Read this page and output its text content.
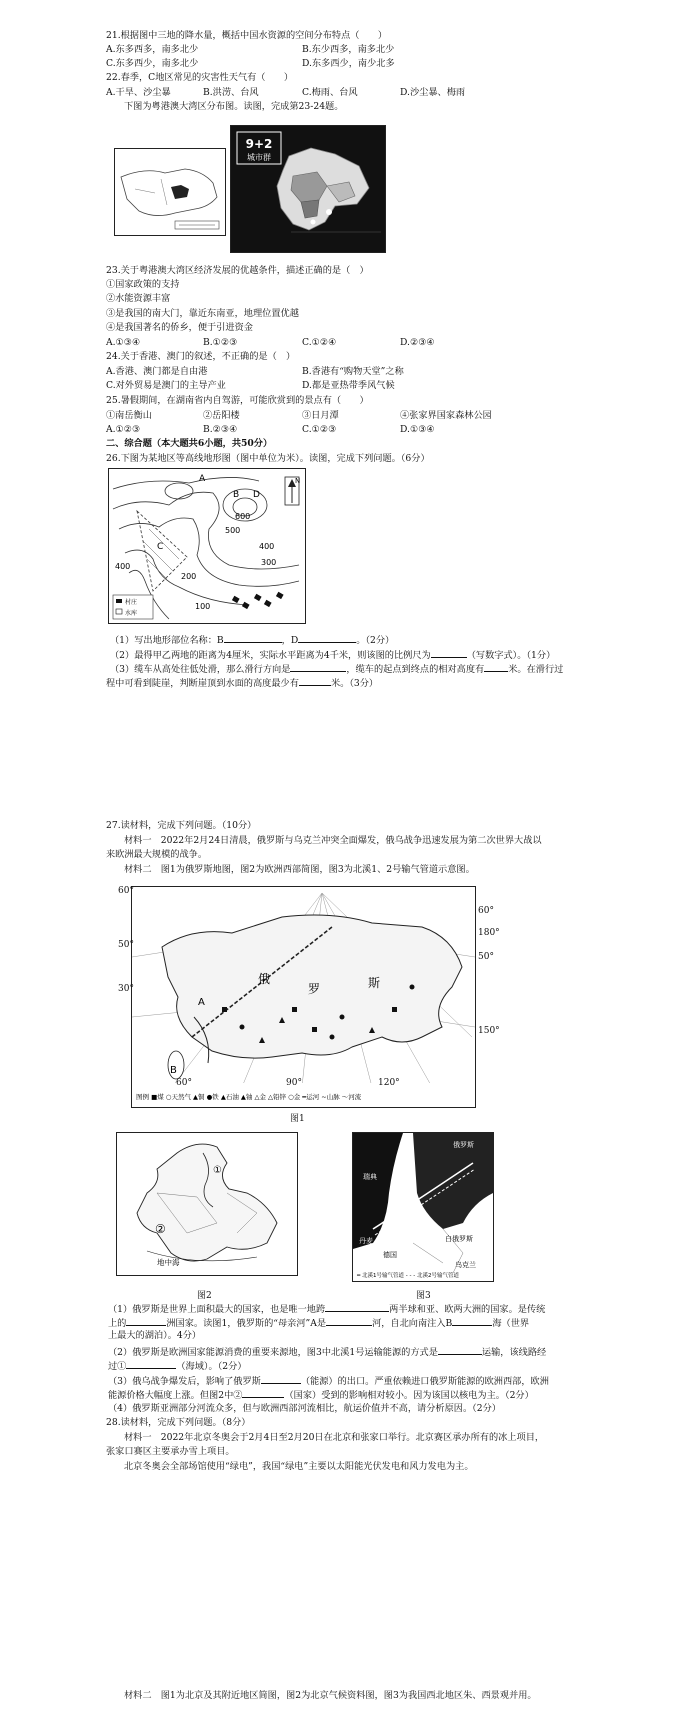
21.根据图中三地的降水量，概括中国水资源的空间分布特点（　　）
A.东多西多，南多北少	B.东少西多，南多北少
C.东多西少，南多北少	D.东多西少，南少北多
22.春季，C地区常见的灾害性天气有（　　）
A.干旱、沙尘暴	B.洪涝、台风	C.梅雨、台风	D.沙尘暴、梅雨
下图为粤港澳大湾区分布图。读图，完成第23-24题。
9+2
城市群
23.关于粤港澳大湾区经济发展的优越条件，描述正确的是（　）
①国家政策的支持
②水能资源丰富
③是我国的南大门，靠近东南亚，地理位置优越
④是我国著名的侨乡，便于引进资金
A.①③④	B.①②③	C.①②④	D.②③④
24.关于香港、澳门的叙述，不正确的是（　）
A.香港、澳门都是自由港	B.香港有“购物天堂”之称
C.对外贸易是澳门的主导产业	D.都是亚热带季风气候
25.暑假期间，在湖南省内自驾游，可能欣赏到的景点有（　　）
①南岳衡山	②岳阳楼	③日月潭	④张家界国家森林公园
A.①②③	B.②③④	C.①②③	D.①③④
二、综合题（本大题共6小题，共50分）
26.下图为某地区等高线地形图（图中单位为米）。读图，完成下列问题。（6分）
A
B
C
D
600
500
400
300
400
200
100
N
村庄
水库
（1）写出地形部位名称：B	，D	。（2分）
（2）最得甲乙两地的距离为4厘米，实际水平距离为4千米，则该图的比例尺为	（写数字式）。（1分）
（3）缆车从高处往低处滑，那么滑行方向是	，缆车的起点到终点的相对高度有	米。在滑行过
程中可看到陡崖，判断崖顶到水面的高度最少有	米。（3分）
27.读材料，完成下列问题。（10分）
材料一　2022年2月24日清晨，俄罗斯与乌克兰冲突全面爆发，俄乌战争迅速发展为第二次世界大战以
来欧洲最大规模的战争。
材料二　图1为俄罗斯地图，图2为欧洲西部简图，图3为北溪1、2号输气管道示意图。
A
B
俄
罗	斯
图例 ■煤 ○天然气 ▲铜 ●铁 ▲石油 ▲铀 △金 △铅锌 ○金 ━运河 ~山脉 ～河流
60°
50°
30°
60°
50°
150°
180°
60°	90°	120°
图1
①
②
地中海
图2
瑞典
丹麦
德国
白俄罗斯
乌克兰
俄罗斯
━ 北溪1号输气管道 ‐ ‐ ‐ 北溪2号输气管道
图3
（1）俄罗斯是世界上面积最大的国家，也是唯一地跨	两半球和亚、欧两大洲的国家。是传统
上的	洲国家。读图1，俄罗斯的“母亲河”A是	河，自北向南注入B	海（世界
上最大的湖泊）。4分）
（2）俄罗斯是欧洲国家能源消费的重要来源地，图3中北溪1号运输能源的方式是	运输，该线路经
过①	（海域）。（2分）
（3）俄乌战争爆发后，影响了俄罗斯	（能源）的出口。严重依赖进口俄罗斯能源的欧洲西部，欧洲
能源价格大幅度上涨。但图2中②	（国家）受到的影响相对较小。因为该国以核电为主。（2分）
（4）俄罗斯亚洲部分河流众多，但与欧洲西部河流相比，航运价值并不高，请分析原因。（2分）
28.读材料，完成下列问题。（8分）
材料一　2022年北京冬奥会于2月4日至2月20日在北京和张家口举行。北京赛区承办所有的冰上项目，
张家口赛区主要承办雪上项目。
北京冬奥会全部场馆使用“绿电”，我国“绿电”主要以太阳能光伏发电和风力发电为主。
材料二　图1为北京及其附近地区简图，图2为北京气候资料图，图3为我国西北地区朱、西景观并用。
